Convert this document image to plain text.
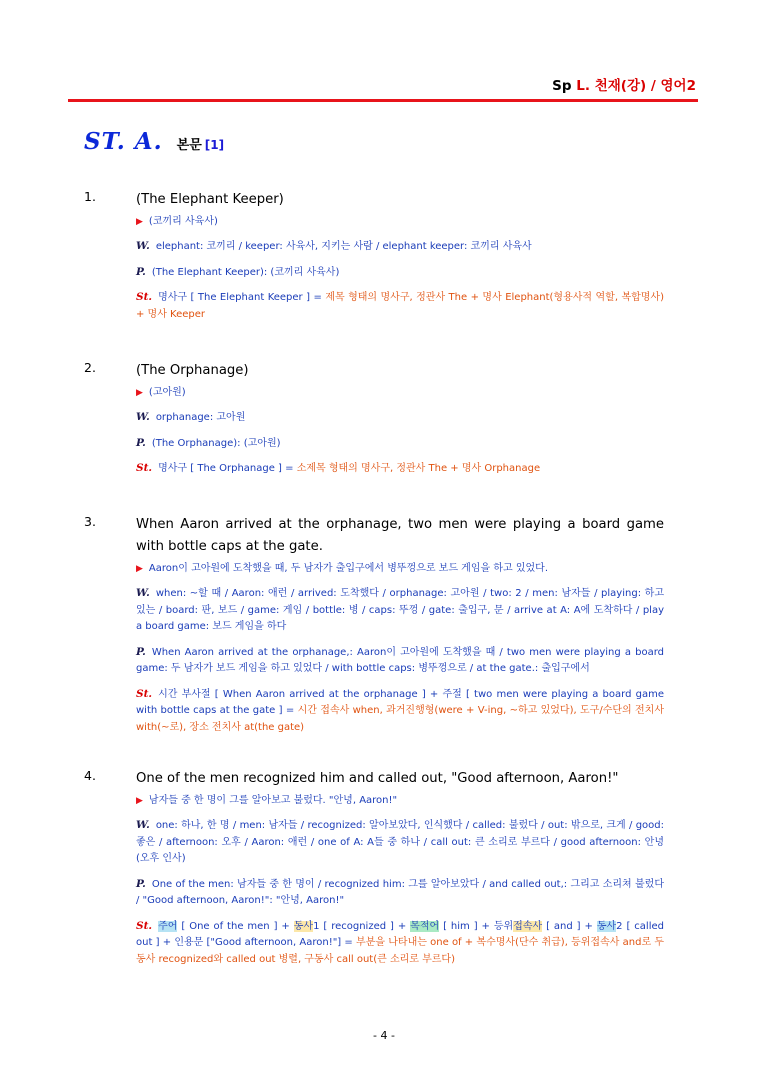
Sp L. 천재(강) / 영어2
ST. A. 본문 [1]
1.	(The Elephant Keeper)
▶ (코끼리 사육사)
W. elephant: 코끼리 / keeper: 사육사, 지키는 사람 / elephant keeper: 코끼리 사육사
P. (The Elephant Keeper): (코끼리 사육사)
St. 명사구 [ The Elephant Keeper ] = 제목 형태의 명사구, 정관사 The + 명사 Elephant(형용사적 역할, 복합명사) + 명사 Keeper
2.	(The Orphanage)
▶ (고아원)
W. orphanage: 고아원
P. (The Orphanage): (고아원)
St. 명사구 [ The Orphanage ] = 소제목 형태의 명사구, 정관사 The + 명사 Orphanage
3.	When Aaron arrived at the orphanage, two men were playing a board game with bottle caps at the gate.
▶ Aaron이 고아원에 도착했을 때, 두 남자가 출입구에서 병뚜껑으로 보드 게임을 하고 있었다.
W. when: ~할 때 / Aaron: 애런 / arrived: 도착했다 / orphanage: 고아원 / two: 2 / men: 남자들 / playing: 하고 있는 / board: 판, 보드 / game: 게임 / bottle: 병 / caps: 뚜껑 / gate: 출입구, 문 / arrive at A: A에 도착하다 / play a board game: 보드 게임을 하다
P. When Aaron arrived at the orphanage,: Aaron이 고아원에 도착했을 때 / two men were playing a board game: 두 남자가 보드 게임을 하고 있었다 / with bottle caps: 병뚜껑으로 / at the gate.: 출입구에서
St. 시간 부사절 [ When Aaron arrived at the orphanage ] + 주절 [ two men were playing a board game with bottle caps at the gate ] = 시간 접속사 when, 과거진행형(were + V-ing, ~하고 있었다), 도구/수단의 전치사 with(~로), 장소 전치사 at(the gate)
4.	One of the men recognized him and called out, "Good afternoon, Aaron!"
▶ 남자들 중 한 명이 그를 알아보고 불렀다. "안녕, Aaron!"
W. one: 하나, 한 명 / men: 남자들 / recognized: 알아보았다, 인식했다 / called: 불렀다 / out: 밖으로, 크게 / good: 좋은 / afternoon: 오후 / Aaron: 애런 / one of A: A들 중 하나 / call out: 큰 소리로 부르다 / good afternoon: 안녕(오후 인사)
P. One of the men: 남자들 중 한 명이 / recognized him: 그를 알아보았다 / and called out,: 그리고 소리쳐 불렀다 / "Good afternoon, Aaron!": "안녕, Aaron!"
St. 주어 [ One of the men ] + 동사1 [ recognized ] + 목적어 [ him ] + 등위접속사 [ and ] + 동사2 [ called out ] + 인용문 ["Good afternoon, Aaron!"] = 부분을 나타내는 one of + 복수명사(단수 취급), 등위접속사 and로 두 동사 recognized와 called out 병렬, 구동사 call out(큰 소리로 부르다)
- 4 -
